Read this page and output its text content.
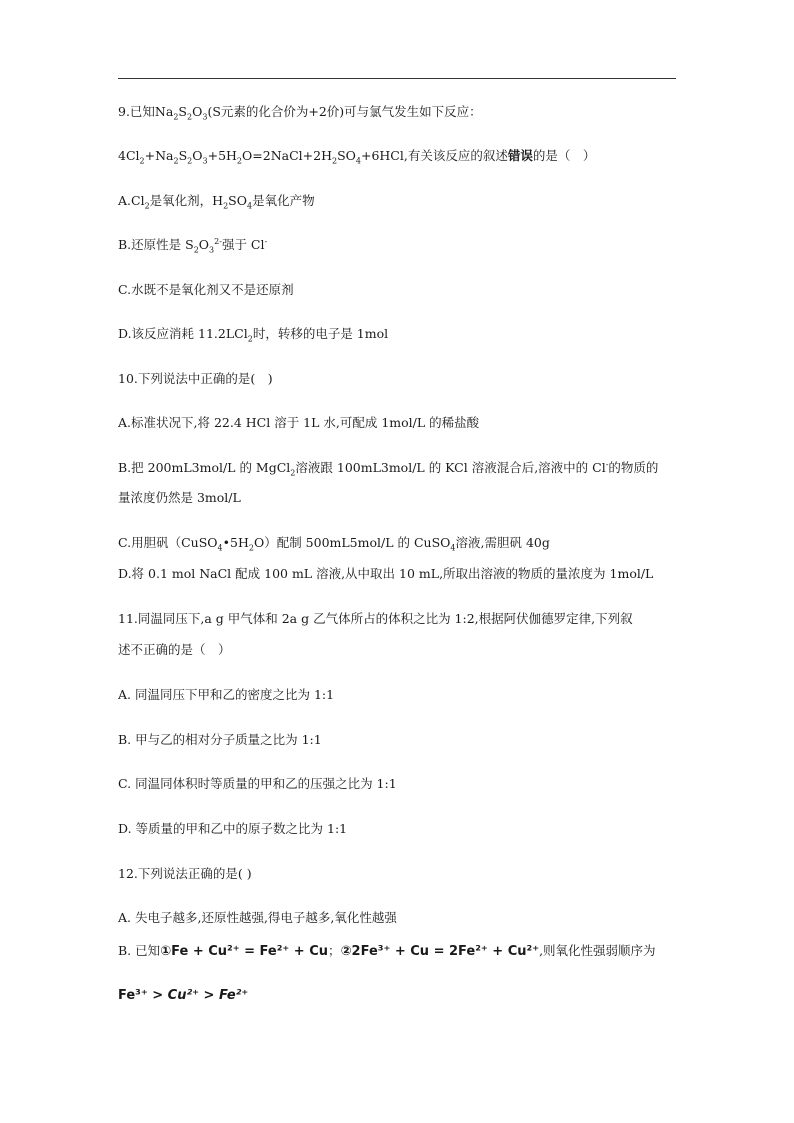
9.已知$Na_2S_2O_3(S$元素的化合价为+2价)可与氯气发生如下反应：
$4Cl_2+Na_2S_2O_3+5H_2O=2NaCl+2H_2SO_4+6HCl$,有关该反应的叙述错误的是（　）
$A.Cl_2$是氧化剂，$H_2SO_4$是氧化产物
B.还原性是 $S_2O_3^{2-}$强于 Cl-
C.水既不是氧化剂又不是还原剂
D.该反应消耗 11.2LCl$_2$时，转移的电子是 1mol
10.下列说法中正确的是(　)
A.标准状况下,将 22.4 HCl 溶于 1L 水,可配成 1mol/L 的稀盐酸
B.把 200mL3mol/L 的 MgCl$_2$溶液跟 100mL3mol/L 的 KCl 溶液混合后,溶液中的 Cl-的物质的
量浓度仍然是 3mol/L
C.用胆矾$(CuSO_4•5H_2O)$配制 500mL5mol/L 的 CuSO$_4$溶液,需胆矾 40g
D.将 0.1 mol NaCl 配成 100 mL 溶液,从中取出 10 mL,所取出溶液的物质的量浓度为 1mol/L
11.同温同压下,a g 甲气体和 2a g 乙气体所占的体积之比为 1:2,根据阿伏伽德罗定律,下列叙
述不正确的是（　）
A. 同温同压下甲和乙的密度之比为 1:1
B. 甲与乙的相对分子质量之比为 1:1
C. 同温同体积时等质量的甲和乙的压强之比为 1:1
D. 等质量的甲和乙中的原子数之比为 1:1
12.下列说法正确的是( )
A. 失电子越多,还原性越强,得电子越多,氧化性越强
B. 已知①Fe + Cu²⁺ = Fe²⁺ + Cu；②2Fe³⁺ + Cu = 2Fe²⁺ + Cu²⁺,则氧化性强弱顺序为
Fe³⁺ > Cu²⁺ > Fe²⁺
